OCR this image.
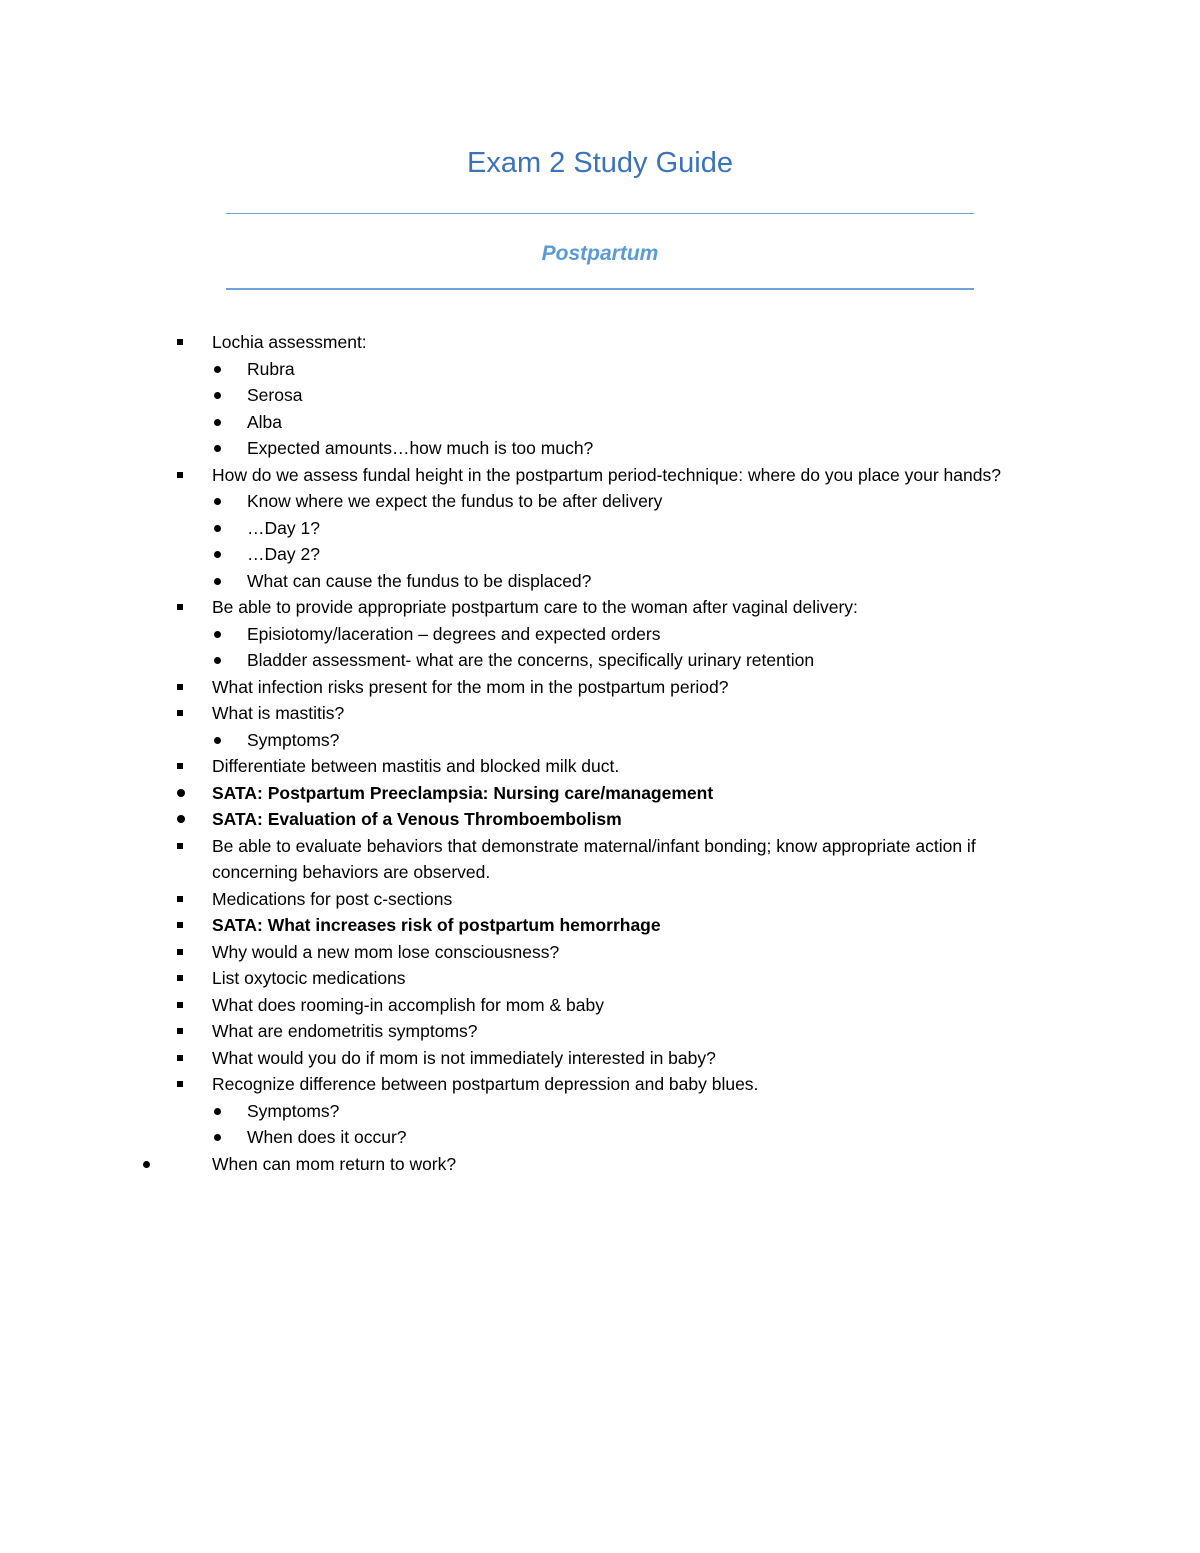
Exam 2 Study Guide
Postpartum
Lochia assessment:
Rubra
Serosa
Alba
Expected amounts…how much is too much?
How do we assess fundal height in the postpartum period-technique: where do you place your hands?
Know where we expect the fundus to be after delivery
…Day 1?
…Day 2?
What can cause the fundus to be displaced?
Be able to provide appropriate postpartum care to the woman after vaginal delivery:
Episiotomy/laceration – degrees and expected orders
Bladder assessment- what are the concerns, specifically urinary retention
What infection risks present for the mom in the postpartum period?
What is mastitis?
Symptoms?
Differentiate between mastitis and blocked milk duct.
SATA: Postpartum Preeclampsia: Nursing care/management
SATA: Evaluation of a Venous Thromboembolism
Be able to evaluate behaviors that demonstrate maternal/infant bonding; know appropriate action if concerning behaviors are observed.
Medications for post c-sections
SATA: What increases risk of postpartum hemorrhage
Why would a new mom lose consciousness?
List oxytocic medications
What does rooming-in accomplish for mom & baby
What are endometritis symptoms?
What would you do if mom is not immediately interested in baby?
Recognize difference between postpartum depression and baby blues.
Symptoms?
When does it occur?
When can mom return to work?
